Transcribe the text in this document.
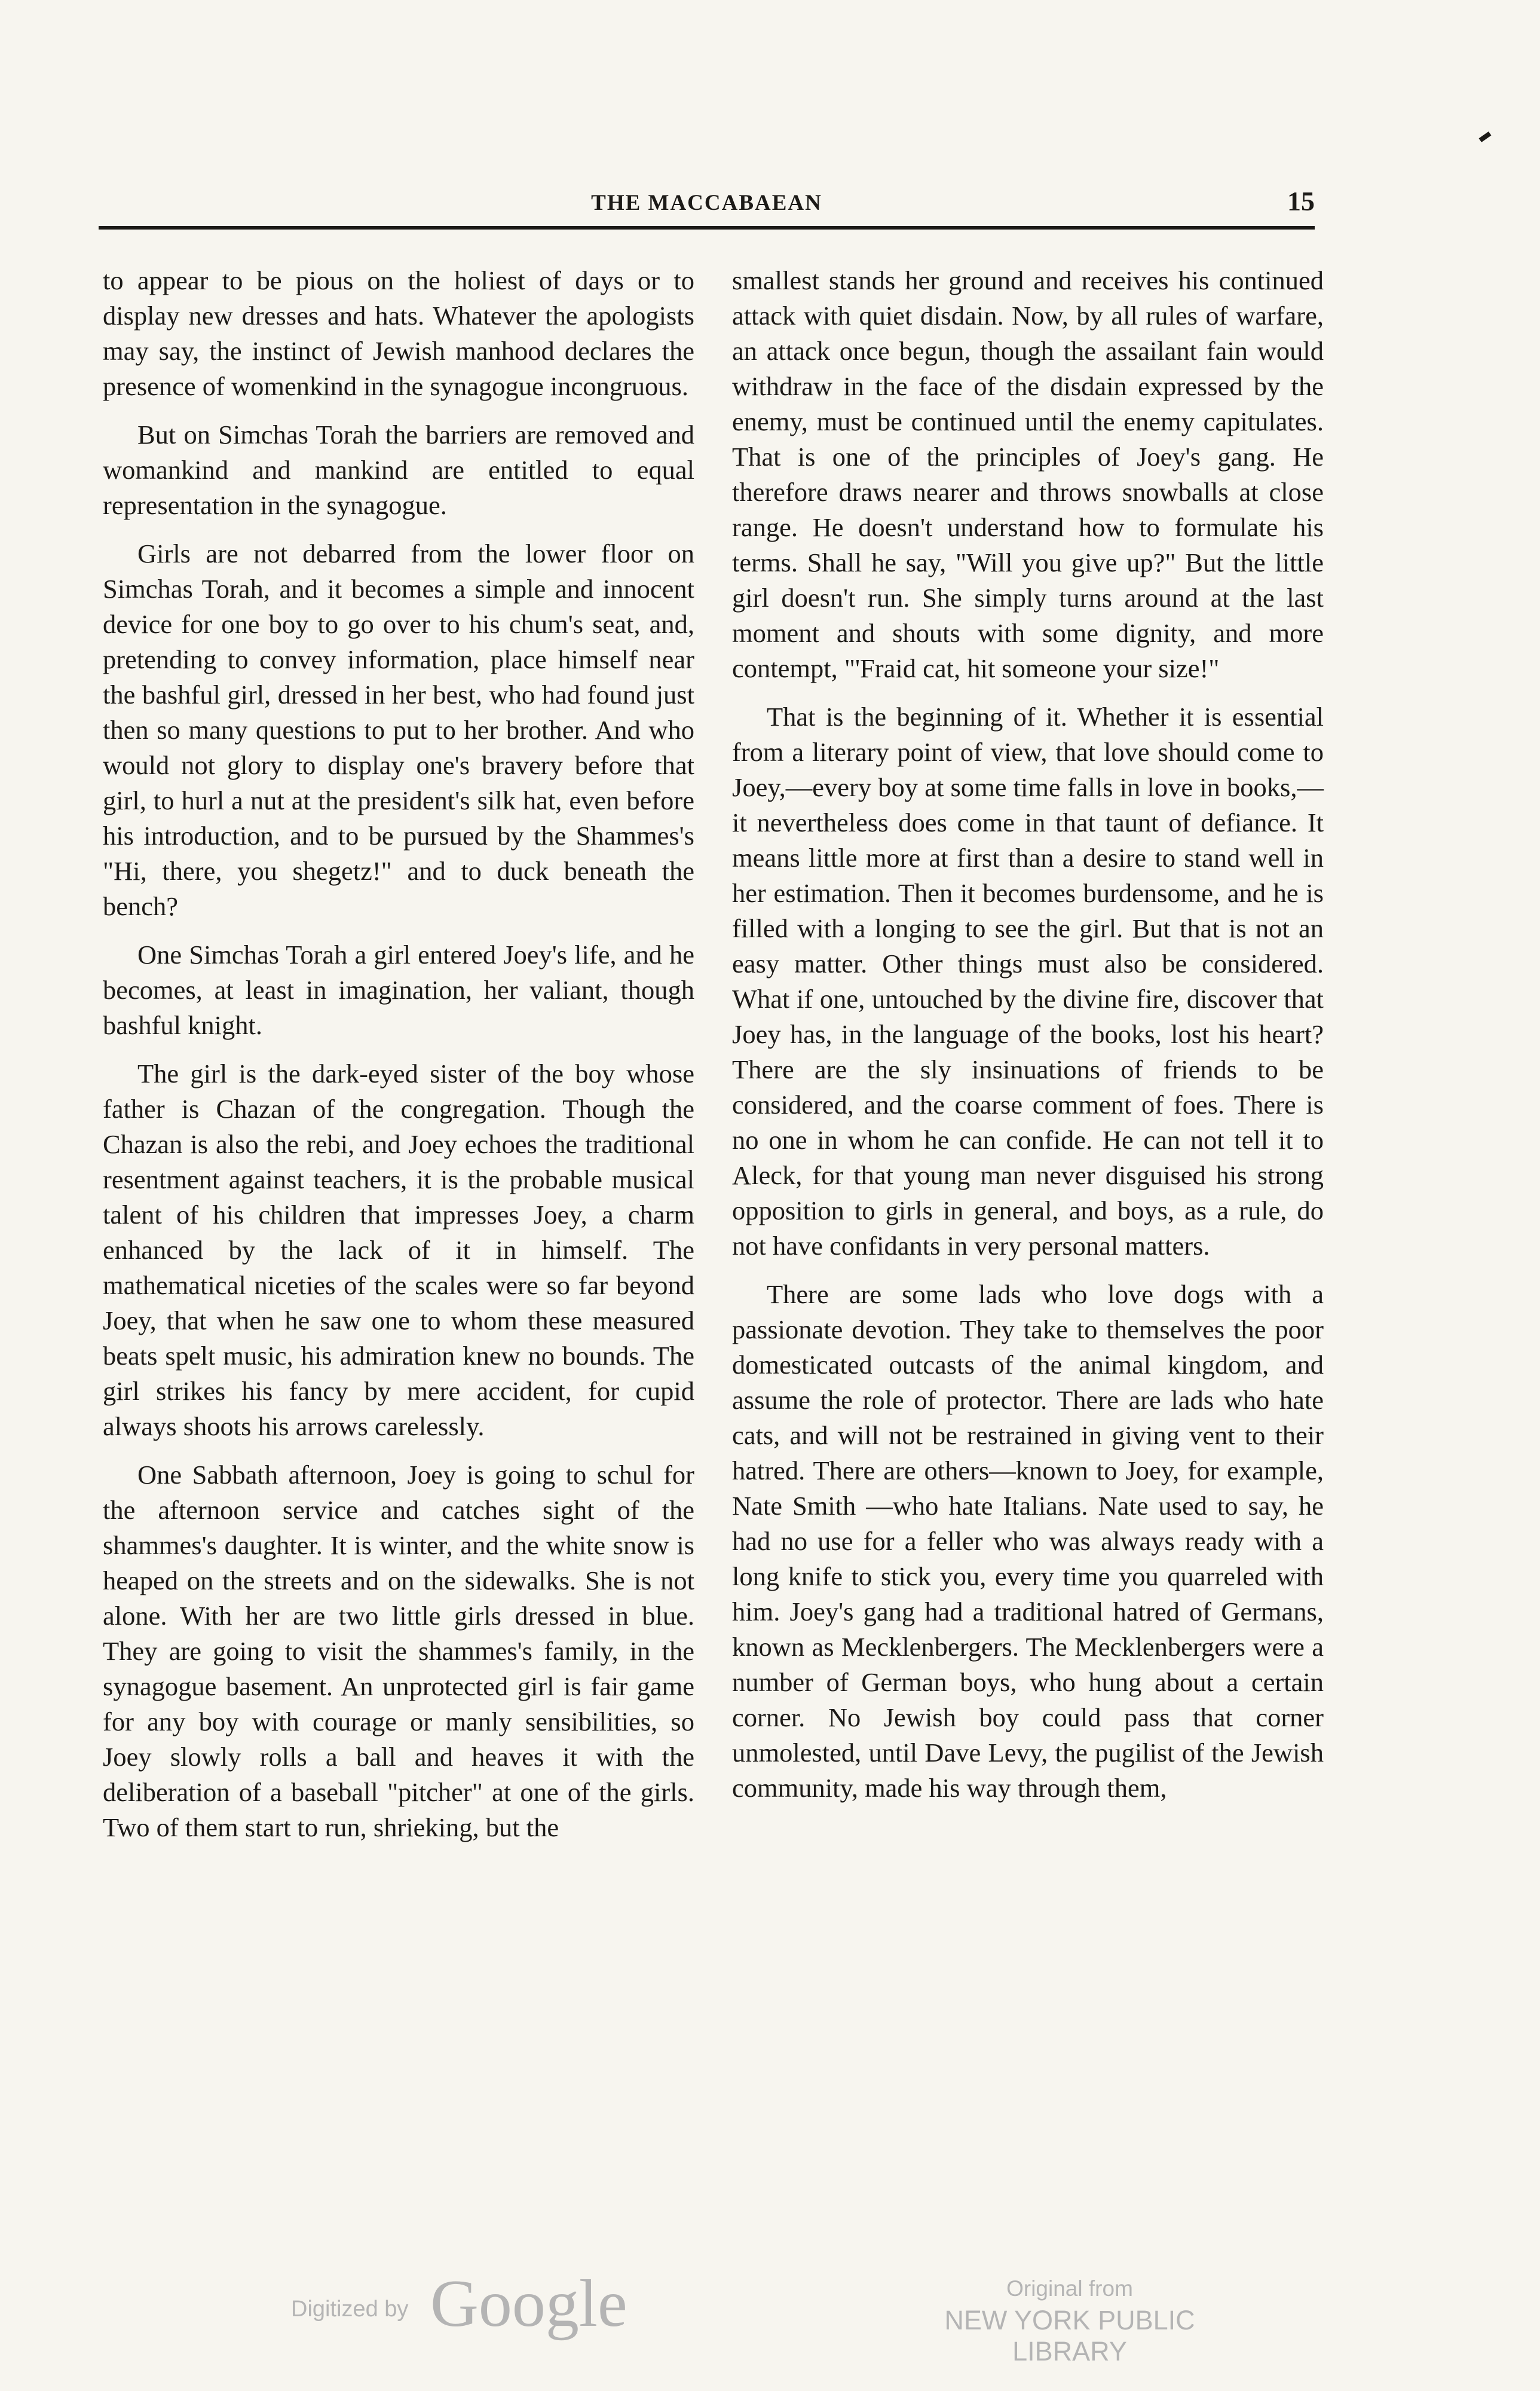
THE MACCABAEAN	15

to appear to be pious on the holiest of days or to display new dresses and hats. Whatever the apologists may say, the instinct of Jewish manhood declares the presence of womenkind in the synagogue incongruous.

But on Simchas Torah the barriers are removed and womankind and mankind are entitled to equal representation in the synagogue.

Girls are not debarred from the lower floor on Simchas Torah, and it becomes a simple and innocent device for one boy to go over to his chum's seat, and, pretending to convey information, place himself near the bashful girl, dressed in her best, who had found just then so many questions to put to her brother. And who would not glory to display one's bravery before that girl, to hurl a nut at the president's silk hat, even before his introduction, and to be pursued by the Shammes's "Hi, there, you shegetz!" and to duck beneath the bench?

One Simchas Torah a girl entered Joey's life, and he becomes, at least in imagination, her valiant, though bashful knight.

The girl is the dark-eyed sister of the boy whose father is Chazan of the congregation. Though the Chazan is also the rebi, and Joey echoes the traditional resentment against teachers, it is the probable musical talent of his children that impresses Joey, a charm enhanced by the lack of it in himself. The mathematical niceties of the scales were so far beyond Joey, that when he saw one to whom these measured beats spelt music, his admiration knew no bounds. The girl strikes his fancy by mere accident, for cupid always shoots his arrows carelessly.

One Sabbath afternoon, Joey is going to schul for the afternoon service and catches sight of the shammes's daughter. It is winter, and the white snow is heaped on the streets and on the sidewalks. She is not alone. With her are two little girls dressed in blue. They are going to visit the shammes's family, in the synagogue basement. An unprotected girl is fair game for any boy with courage or manly sensibilities, so Joey slowly rolls a ball and heaves it with the deliberation of a baseball "pitcher" at one of the girls. Two of them start to run, shrieking, but the

smallest stands her ground and receives his continued attack with quiet disdain. Now, by all rules of warfare, an attack once begun, though the assailant fain would withdraw in the face of the disdain expressed by the enemy, must be continued until the enemy capitulates. That is one of the principles of Joey's gang. He therefore draws nearer and throws snowballs at close range. He doesn't understand how to formulate his terms. Shall he say, "Will you give up?" But the little girl doesn't run. She simply turns around at the last moment and shouts with some dignity, and more contempt, "'Fraid cat, hit someone your size!"

That is the beginning of it. Whether it is essential from a literary point of view, that love should come to Joey,—every boy at some time falls in love in books,—it nevertheless does come in that taunt of defiance. It means little more at first than a desire to stand well in her estimation. Then it becomes burdensome, and he is filled with a longing to see the girl. But that is not an easy matter. Other things must also be considered. What if one, untouched by the divine fire, discover that Joey has, in the language of the books, lost his heart? There are the sly insinuations of friends to be considered, and the coarse comment of foes. There is no one in whom he can confide. He can not tell it to Aleck, for that young man never disguised his strong opposition to girls in general, and boys, as a rule, do not have confidants in very personal matters.

There are some lads who love dogs with a passionate devotion. They take to themselves the poor domesticated outcasts of the animal kingdom, and assume the role of protector. There are lads who hate cats, and will not be restrained in giving vent to their hatred. There are others—known to Joey, for example, Nate Smith —who hate Italians. Nate used to say, he had no use for a feller who was always ready with a long knife to stick you, every time you quarreled with him. Joey's gang had a traditional hatred of Germans, known as Mecklenbergers. The Mecklenbergers were a number of German boys, who hung about a certain corner. No Jewish boy could pass that corner unmolested, until Dave Levy, the pugilist of the Jewish community, made his way through them,

Digitized by Google	Original from
NEW YORK PUBLIC LIBRARY
